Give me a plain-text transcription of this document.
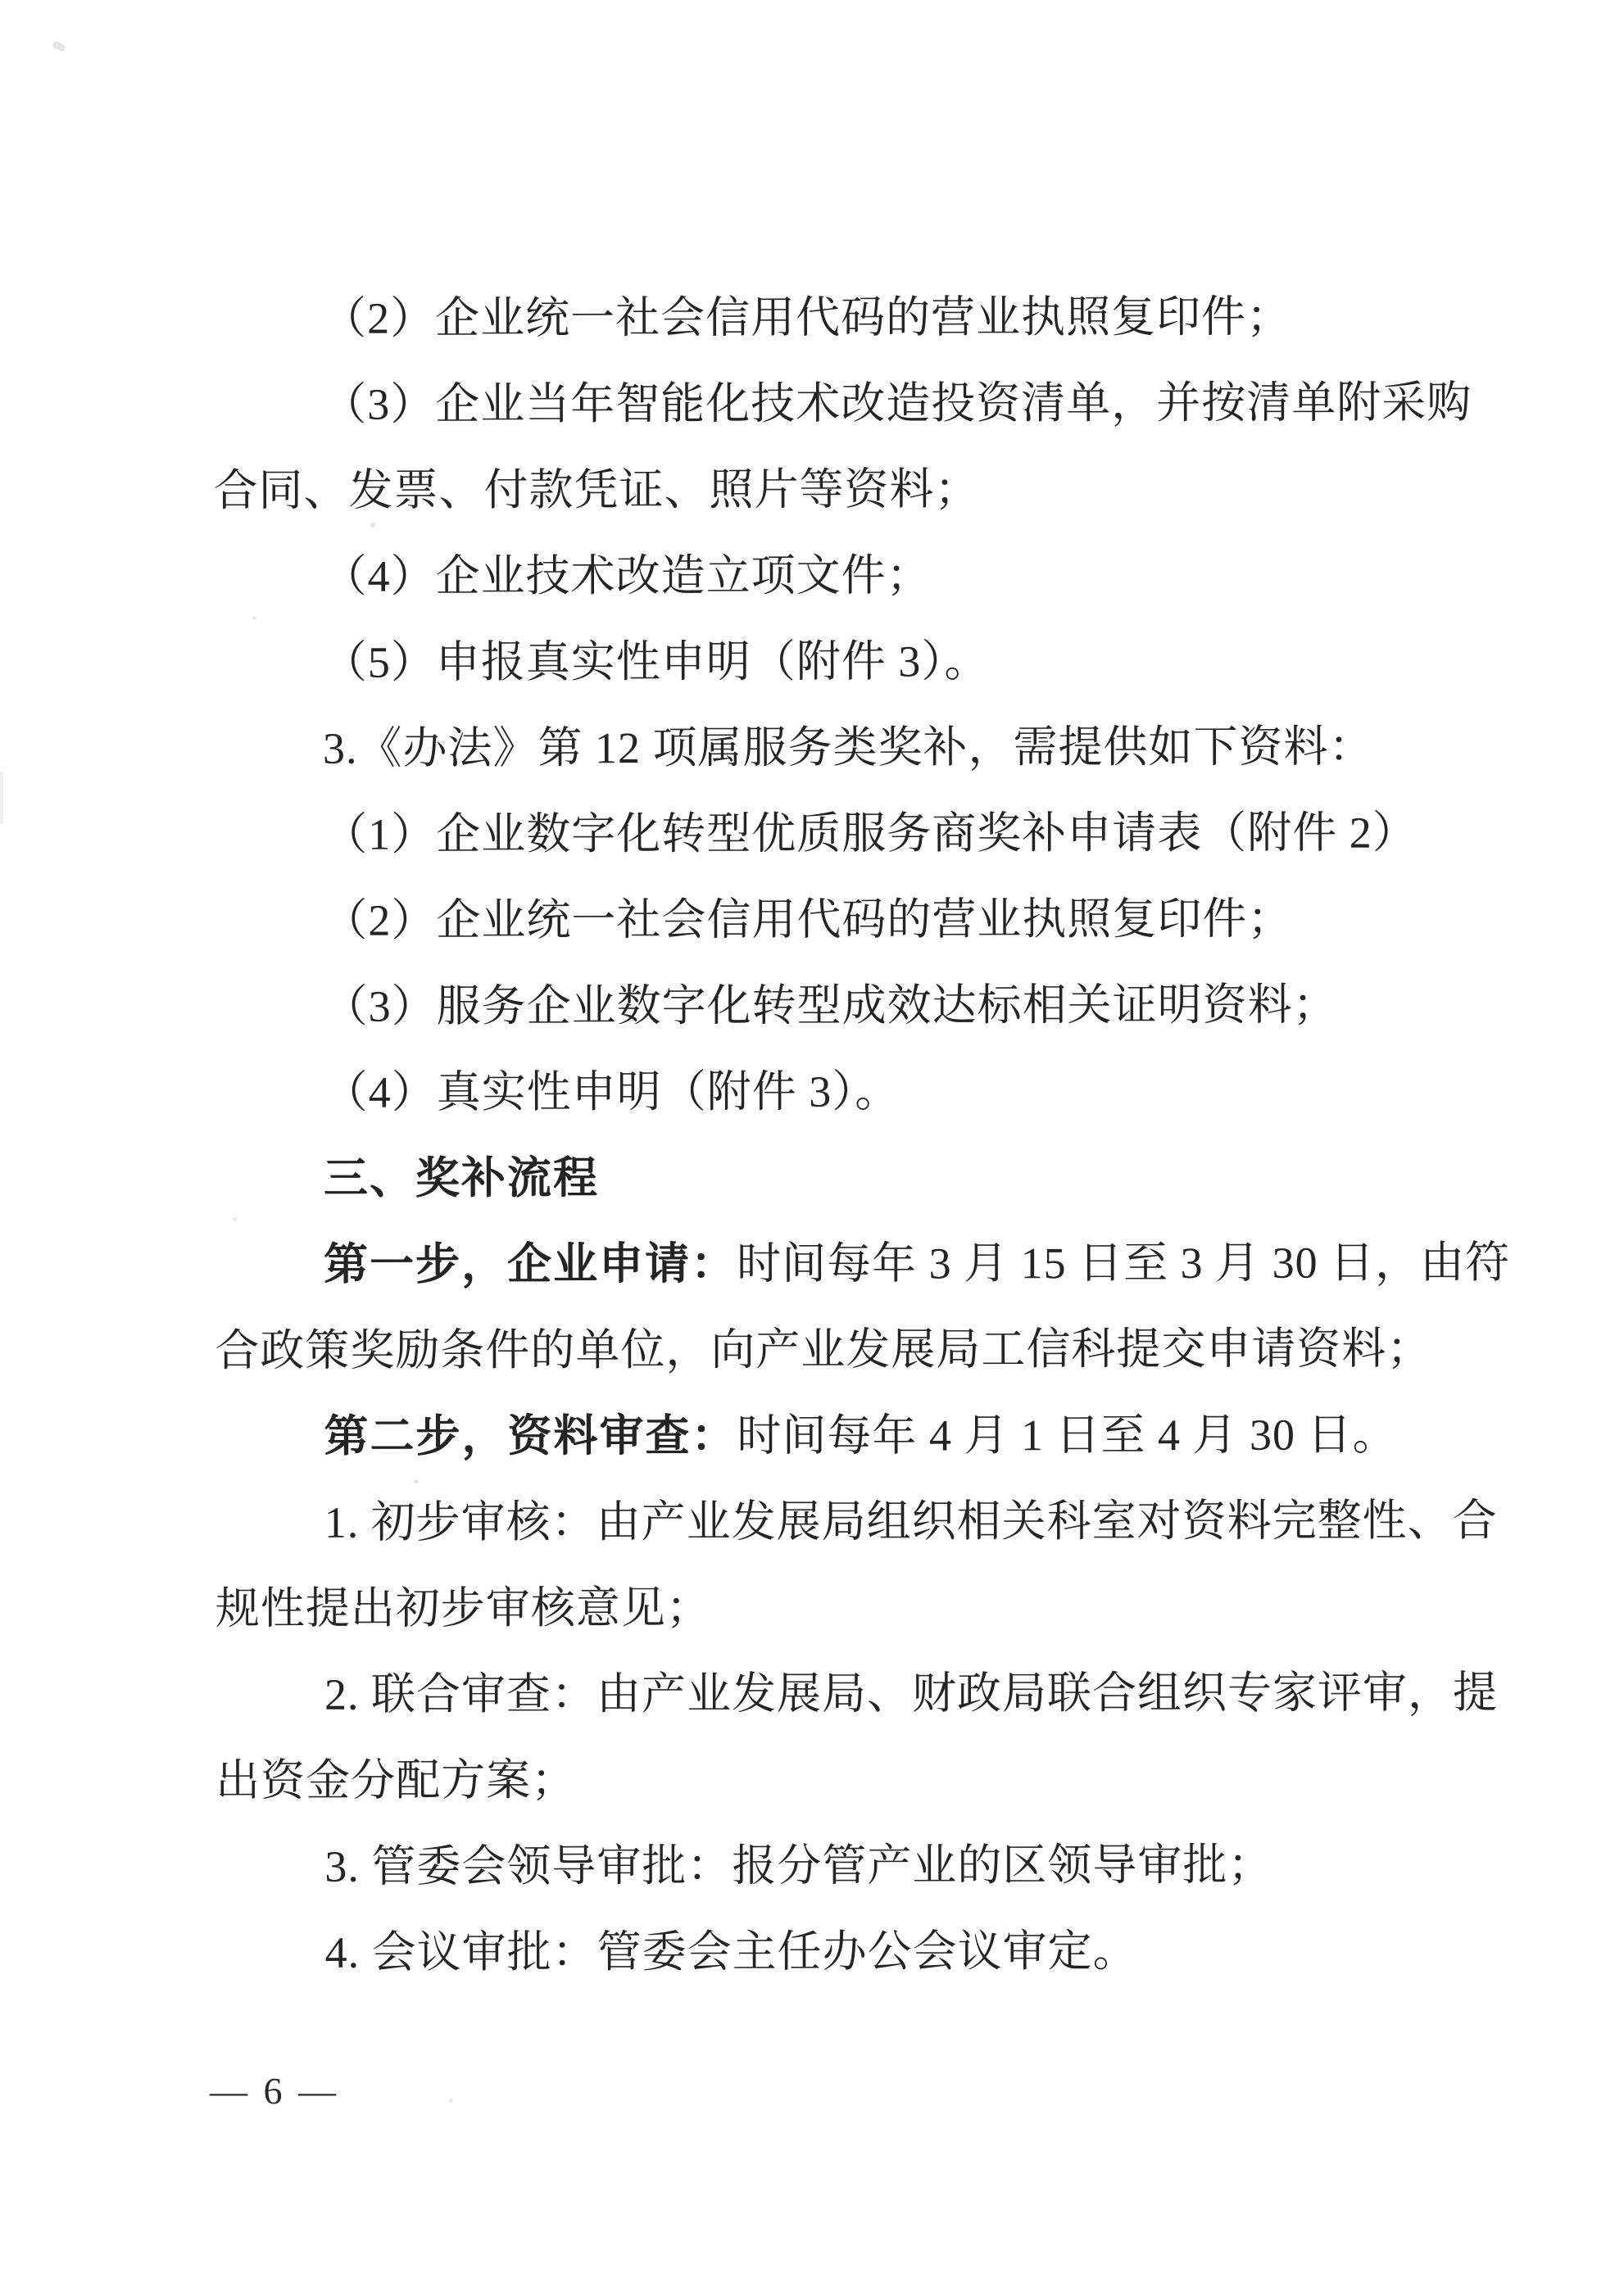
（2）企业统一社会信用代码的营业执照复印件；
（3）企业当年智能化技术改造投资清单，并按清单附采购
合同、发票、付款凭证、照片等资料；
（4）企业技术改造立项文件；
（5）申报真实性申明（附件 3）。
3.《办法》第 12 项属服务类奖补，需提供如下资料：
（1）企业数字化转型优质服务商奖补申请表（附件 2）
（2）企业统一社会信用代码的营业执照复印件；
（3）服务企业数字化转型成效达标相关证明资料；
（4）真实性申明（附件 3）。
三、奖补流程
第一步，企业申请：时间每年 3 月 15 日至 3 月 30 日，由符
合政策奖励条件的单位，向产业发展局工信科提交申请资料；
第二步，资料审查：时间每年 4 月 1 日至 4 月 30 日。
1. 初步审核：由产业发展局组织相关科室对资料完整性、合
规性提出初步审核意见；
2. 联合审查：由产业发展局、财政局联合组织专家评审，提
出资金分配方案；
3. 管委会领导审批：报分管产业的区领导审批；
4. 会议审批：管委会主任办公会议审定。
— 6 —
